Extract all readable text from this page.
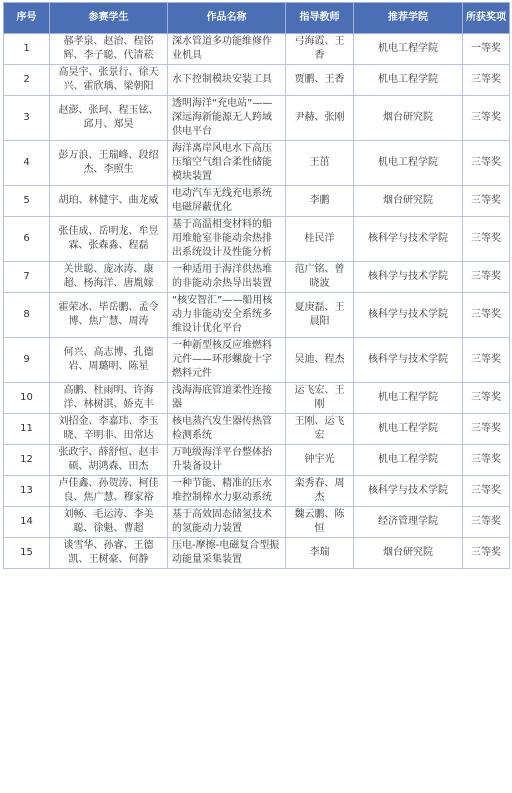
序号	参赛学生	作品名称	指导教师	推荐学院	所获奖项
1	郝孝泉、赵治、程铭辉、李子聪、代清菘	深水管道多功能维修作业机具	弓海霞、王香	机电工程学院	一等奖
2	高昊宇、张景行、徐天兴、霍欣瑀、梁朝阳	水下控制模块安装工具	贾鹏、王香	机电工程学院	三等奖
3	赵澎、张珂、程玉铉、邱月、郑昊	透明海洋“充电站”——深远海新能源无人跨域供电平台	尹赫、张刚	烟台研究院	三等奖
4	彭万浪、王瑞峰、段绍杰、李照生	海洋离岸风电水下高压压缩空气组合柔性储能模块装置	王茁	机电工程学院	三等奖
5	胡珀、林健宇、曲龙威	电动汽车无线充电系统电磁屏蔽优化	李鹏	烟台研究院	三等奖
6	张佳成、岳明龙、牟昱霖、张森淼、程磊	基于高温相变材料的船用堆舱室非能动余热排出系统设计及性能分析	桂民洋	核科学与技术学院	三等奖
7	关世聪、庞冰涛、康超、杨海洋、唐胤嫁	一种适用于海洋供热堆的非能动余热导出装置	范广铭、曾晓波	核科学与技术学院	三等奖
8	霍荣冰、毕岳鹏、孟令博、焦广慧、周涛	“核安智汇”——船用核动力非能动安全系统多维设计优化平台	夏庚磊、王晨阳	核科学与技术学院	三等奖
9	何兴、高志博、孔德岩、周璐明、陈星	一种新型核反应堆燃料元件——环形螺旋十字燃料元件	吴迪、程杰	核科学与技术学院	三等奖
10	高鹏、杜雨明、许海洋、林树淇、娇克丰	浅海海底管道柔性连接器	运飞宏、王刚	机电工程学院	三等奖
11	刘招金、李嘉玮、李玉晓、辛明非、田常达	核电蒸汽发生器传热管检测系统	王刚、运飞宏	机电工程学院	三等奖
12	张政宇、薛舒恒、赵丰硕、胡鸿森、田杰	万吨级海洋平台整体抬升装备设计	钟宇光	机电工程学院	三等奖
13	卢佳鑫、孙贺涛、柯佳良、焦广慧、穆家裕	一种节能、精准的压水堆控制棒水力驱动系统	栾秀春、周杰	核科学与技术学院	三等奖
14	刘畅、毛运涛、李美聪、徐魁、曹超	基于高效固态储氢技术的氢能动力装置	魏云鹏、陈恒	经济管理学院	三等奖
15	谈雪华、孙睿、王德凯、王树豪、何静	压电-摩擦-电磁复合型振动能量采集装置	李瑞	烟台研究院	三等奖
